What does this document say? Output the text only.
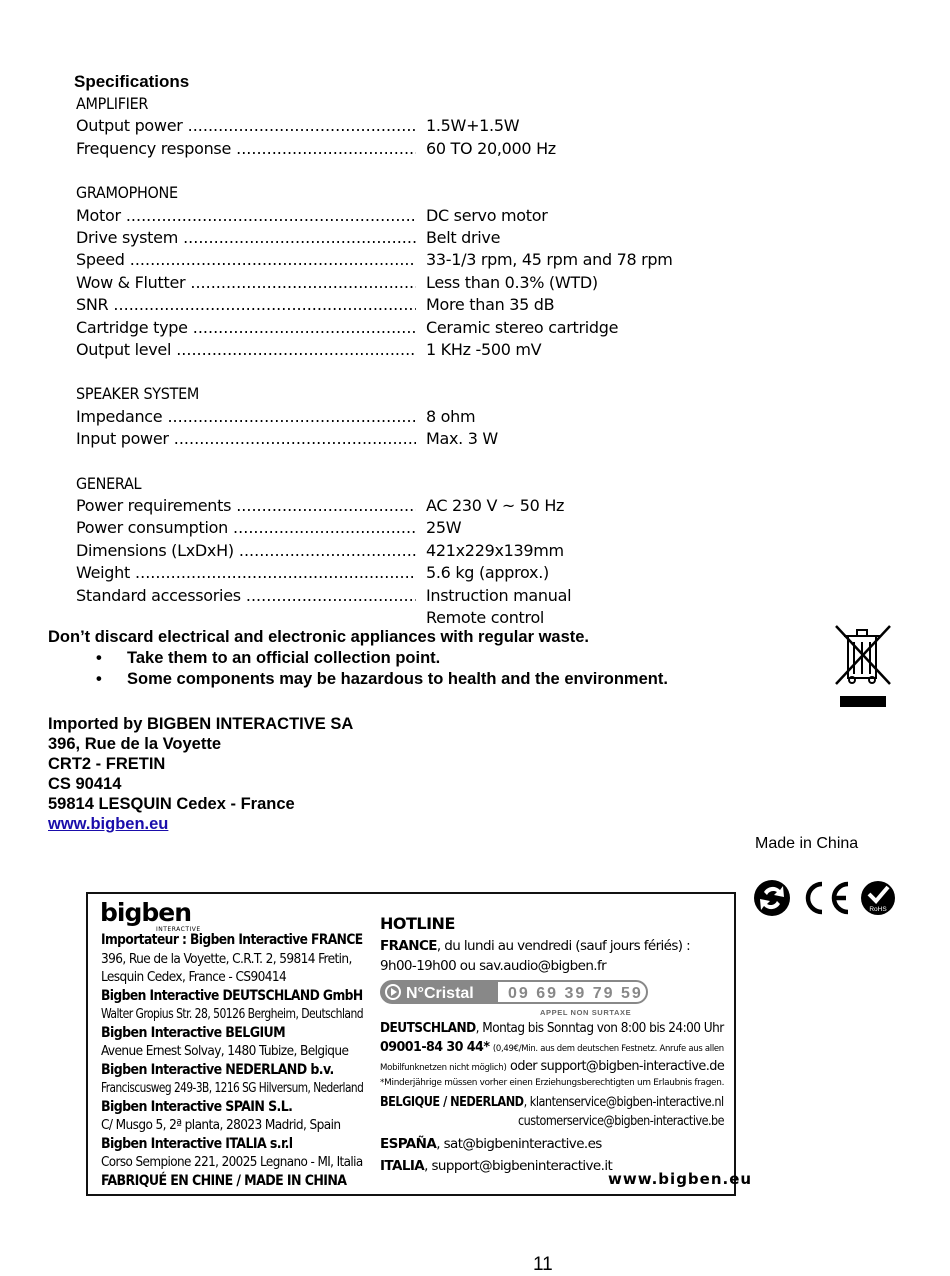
Specifications
AMPLIFIER
Output power .....	1.5W+1.5W
Frequency response .....	60 TO 20,000 Hz
GRAMOPHONE
Motor .....	DC servo motor
Drive system .....	Belt drive
Speed .....	33-1/3 rpm, 45 rpm and 78 rpm
Wow & Flutter .....	Less than 0.3% (WTD)
SNR .....	More than 35 dB
Cartridge type .....	Ceramic stereo cartridge
Output level .....	1 KHz -500 mV
SPEAKER SYSTEM
Impedance .....	8 ohm
Input power .....	Max. 3 W
GENERAL
Power requirements .....	AC 230 V ~ 50 Hz
Power consumption .....	25W
Dimensions (LxDxH) .....	421x229x139mm
Weight .....	5.6 kg (approx.)
Standard accessories .....	Instruction manual
Remote control
Don’t discard electrical and electronic appliances with regular waste.
• Take them to an official collection point.
• Some components may be hazardous to health and the environment.
Imported by BIGBEN INTERACTIVE SA
396, Rue de la Voyette
CRT2 - FRETIN
CS 90414
59814 LESQUIN Cedex - France
www.bigben.eu
Made in China
RoHS
bigben
INTERACTIVE
Importateur : Bigben Interactive FRANCE
396, Rue de la Voyette, C.R.T. 2, 59814 Fretin,
Lesquin Cedex, France - CS90414
Bigben Interactive DEUTSCHLAND GmbH
Walter Gropius Str. 28, 50126 Bergheim, Deutschland
Bigben Interactive BELGIUM
Avenue Ernest Solvay, 1480 Tubize, Belgique
Bigben Interactive NEDERLAND b.v.
Franciscusweg 249-3B, 1216 SG Hilversum, Nederland
Bigben Interactive SPAIN S.L.
C/ Musgo 5, 2ª planta, 28023 Madrid, Spain
Bigben Interactive ITALIA s.r.l
Corso Sempione 221, 20025 Legnano - MI, Italia
FABRIQUÉ EN CHINE / MADE IN CHINA
HOTLINE
FRANCE, du lundi au vendredi (sauf jours fériés) :
9h00-19h00 ou sav.audio@bigben.fr
N°Cristal 09 69 39 79 59
APPEL NON SURTAXE
DEUTSCHLAND, Montag bis Sonntag von 8:00 bis 24:00 Uhr
09001-84 30 44* (0,49€/Min. aus dem deutschen Festnetz. Anrufe aus allen
Mobilfunknetzen nicht möglich) oder support@bigben-interactive.de
*Minderjährige müssen vorher einen Erziehungsberechtigten um Erlaubnis fragen.
BELGIQUE / NEDERLAND, klantenservice@bigben-interactive.nl
customerservice@bigben-interactive.be
ESPAÑA, sat@bigbeninteractive.es
ITALIA, support@bigbeninteractive.it
www.bigben.eu
11
